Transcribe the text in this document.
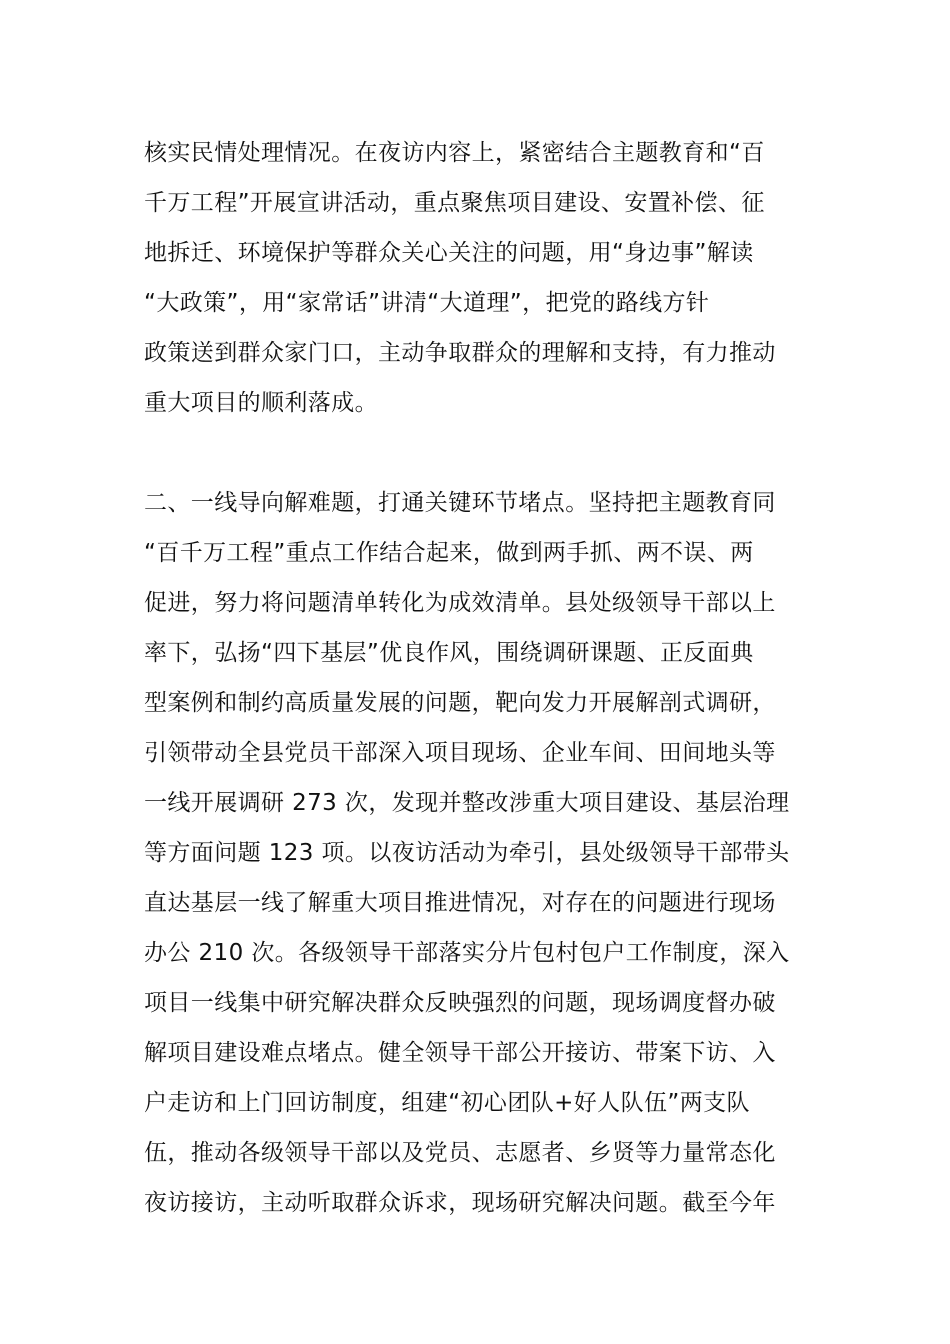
核实民情处理情况。在夜访内容上，紧密结合主题教育和“百
千万工程”开展宣讲活动，重点聚焦项目建设、安置补偿、征
地拆迁、环境保护等群众关心关注的问题，用“身边事”解读
“大政策”，用“家常话”讲清“大道理”，把党的路线方针
政策送到群众家门口，主动争取群众的理解和支持，有力推动
重大项目的顺利落成。
二、一线导向解难题，打通关键环节堵点。坚持把主题教育同
“百千万工程”重点工作结合起来，做到两手抓、两不误、两
促进，努力将问题清单转化为成效清单。县处级领导干部以上
率下，弘扬“四下基层”优良作风，围绕调研课题、正反面典
型案例和制约高质量发展的问题，靶向发力开展解剖式调研，
引领带动全县党员干部深入项目现场、企业车间、田间地头等
一线开展调研 273 次，发现并整改涉重大项目建设、基层治理
等方面问题 123 项。以夜访活动为牵引，县处级领导干部带头
直达基层一线了解重大项目推进情况，对存在的问题进行现场
办公 210 次。各级领导干部落实分片包村包户工作制度，深入
项目一线集中研究解决群众反映强烈的问题，现场调度督办破
解项目建设难点堵点。健全领导干部公开接访、带案下访、入
户走访和上门回访制度，组建“初心团队+好人队伍”两支队
伍，推动各级领导干部以及党员、志愿者、乡贤等力量常态化
夜访接访，主动听取群众诉求，现场研究解决问题。截至今年
